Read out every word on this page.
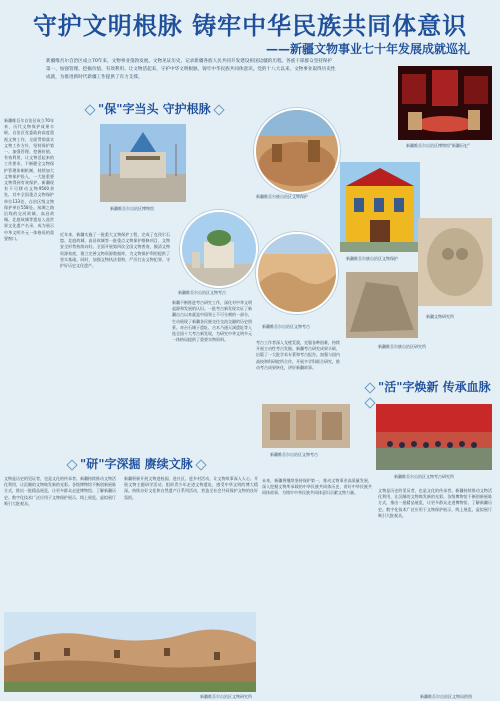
守护文明根脉 铸牢中华民族共同体意识
——新疆文物事业七十年发展成就巡礼
新疆维吾尔自治区成立70年来，文物事业蓬勃发展。文物见证历史，记录新疆各族人民共同开发建设祖国边疆的历程。各族干部群众坚持保护第一、加强管理、挖掘价值、有效利用、让文物活起来，守护中华文明根脉，铸牢中华民族共同体意识。党的十八大以来，文物事业取得历史性成就，为推进新时代新疆工作提供了有力支撑。
新疆维吾尔自治区博物馆"新疆历史"
"保"字当头 守护根脉
新疆维吾尔自治区成立70年来，历代文物保护成果丰硕。自治区党委政府高度重视文物工作，全面贯彻落实文物工作方针，坚持保护第一、加强管理、挖掘价值、有效利用、让文物活起来的工作要求，不断健全文物保护管理体制机制，持续加大文物保护投入，一大批重要文物得到有效保护。新疆现有不可移动文物9500余处，其中全国重点文物保护单位133处，自治区级文物保护单位558处。丝绸之路沿线的交河故城、高昌故城、北庭故城等遗址入选世界文化遗产名录，成为展示中华文明多元一体格局的重要窗口。
新疆维吾尔自治区博物馆
新疆维吾尔族自治区文物保护
新疆维吾尔自治区文物考古
新疆维吾尔自治区文物考古
新疆维吾尔族自治区文物保护
新疆文物研究所
新疆维吾尔族自治区研究所
近年来，新疆实施了一批重大文物保护工程，完成了克孜尔石窟、北庭故城、高昌故城等一批重点文物保护维修项目，文物安全形势持续向好。全面开展第四次全国文物普查，摸清文物资源家底，建立完善文物资源数据库，为文物保护利用提供了坚实基础。同时，加强文物执法督察，严厉打击文物犯罪，守护好历史文化遗产。
新疆不断推进考古研究工作，深化对中华文明起源和发展的认识。一批考古新发现实证了新疆自古以来就是中国领土不可分割的一部分，生动展现了新疆各民族交往交流交融的历史图景。奇台石城子遗址、吉木乃通天洞遗址等入选全国十大考古新发现，为研究中华文明多元一体格局提供了重要实物资料。
考古工作者深入戈壁荒漠，克服各种困难，持续开展主动性考古发掘。新疆考古研究成果丰硕，出版了一大批学术专著和考古报告。加强与国内高校和科研院所合作，开展多学科联合研究，推动考古成果转化，讲好新疆故事。
"研"字深掘 赓续文脉
"活"字焕新 传承血脉
新疆维吾尔自治区文物考古研究所
新疆维吾尔自治区文物考古
文物是历史的见证者，也是文化的传承者。新疆持续推动文物活化利用，让沉睡的文物焕发新的光彩。各级博物馆不断创新展陈方式，推出一批精品展览，让更多群众走进博物馆、了解新疆历史。数字化技术广泛应用于文物保护展示，线上展览、虚拟展厅吸引大批观众。
新疆积极开展文物进校园、进社区、进乡村活动，让文物故事深入人心。开展文物主题研学活动，组织青少年走进文物遗址，感受中华文明的博大精深。持续办好文化和自然遗产日系列活动，营造全社会共同保护文物的良好氛围。
未来，新疆将继续坚持保护第一，推动文物事业高质量发展，深入挖掘文物所承载的中华民族共同体历史，讲好中华民族共同体故事，为铸牢中华民族共同体意识贡献文物力量。	文物是历史的见证者，也是文化的传承者。新疆持续推动文物活化利用，让沉睡的文物焕发新的光彩。各级博物馆不断创新展陈方式，推出一批精品展览，让更多群众走进博物馆、了解新疆历史。数字化技术广泛应用于文物保护展示，线上展览、虚拟展厅吸引大批观众。
新疆维吾尔自治区文物研究所	新疆维吾尔自治区文物局供图
